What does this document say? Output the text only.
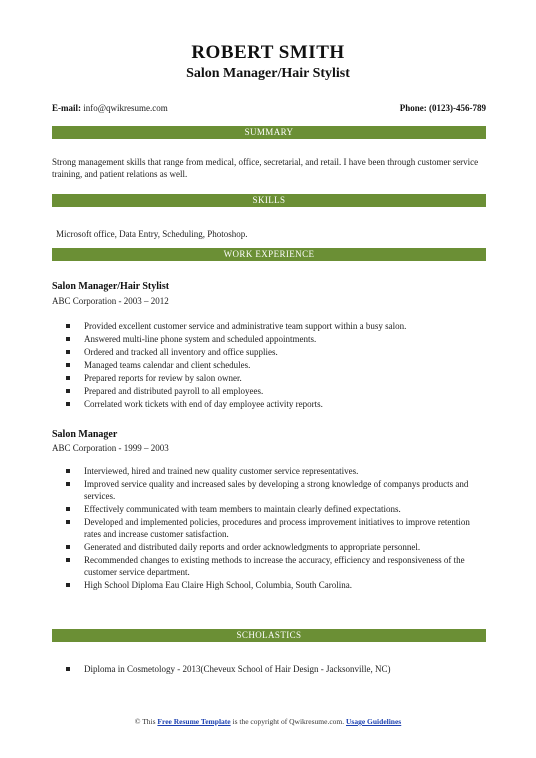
ROBERT SMITH
Salon Manager/Hair Stylist
E-mail: info@qwikresume.com	Phone: (0123)-456-789
SUMMARY
Strong management skills that range from medical, office, secretarial, and retail. I have been through customer service training, and patient relations as well.
SKILLS
Microsoft office, Data Entry, Scheduling, Photoshop.
WORK EXPERIENCE
Salon Manager/Hair Stylist
ABC Corporation - 2003 – 2012
Provided excellent customer service and administrative team support within a busy salon.
Answered multi-line phone system and scheduled appointments.
Ordered and tracked all inventory and office supplies.
Managed teams calendar and client schedules.
Prepared reports for review by salon owner.
Prepared and distributed payroll to all employees.
Correlated work tickets with end of day employee activity reports.
Salon Manager
ABC Corporation - 1999 – 2003
Interviewed, hired and trained new quality customer service representatives.
Improved service quality and increased sales by developing a strong knowledge of companys products and services.
Effectively communicated with team members to maintain clearly defined expectations.
Developed and implemented policies, procedures and process improvement initiatives to improve retention rates and increase customer satisfaction.
Generated and distributed daily reports and order acknowledgments to appropriate personnel.
Recommended changes to existing methods to increase the accuracy, efficiency and responsiveness of the customer service department.
High School Diploma Eau Claire High School, Columbia, South Carolina.
SCHOLASTICS
Diploma in Cosmetology - 2013(Cheveux School of Hair Design - Jacksonville, NC)
© This Free Resume Template is the copyright of Qwikresume.com. Usage Guidelines
